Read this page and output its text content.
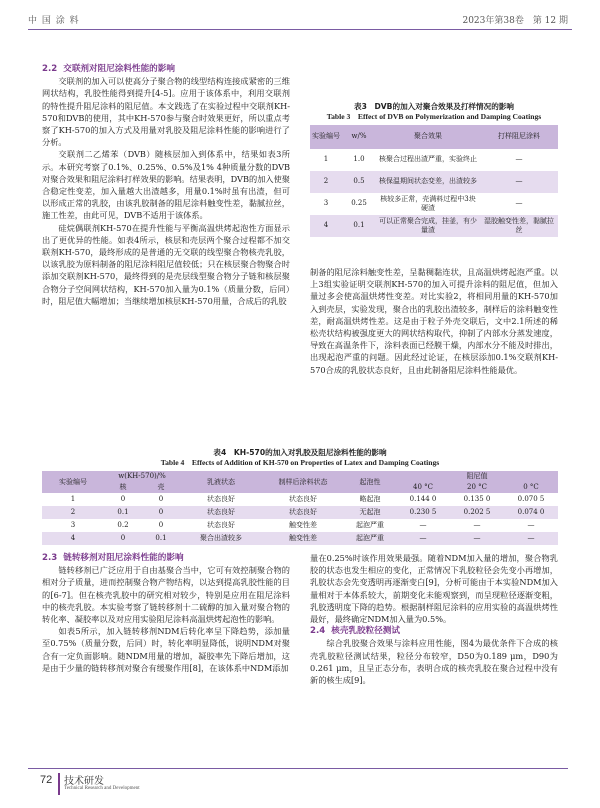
中 国 涂 料	2023年第38卷　第 12 期

2.2 交联剂对阻尼涂料性能的影响

交联剂的加入可以使高分子聚合物的线型结构连接成紧密的三维网状结构，乳胶性能得到提升[4-5]。应用于该体系中，利用交联剂的特性提升阻尼涂料的阻尼值。本文践选了在实验过程中交联剂KH-570和DVB的使用，其中KH-570参与聚合时效果更好，所以重点考察了KH-570的加入方式及用量对乳胶及阻尼涂料性能的影响进行了分析。

交联剂二乙烯苯（DVB）随核层加入到体系中，结果如表3所示。本研究考察了0.1%、0.25%、0.5%及1% 4种质量分数的DVB对聚合效果和阻尼涂料打样效果的影响。结果表明，DVB的加入使聚合稳定性变差，加入量越大出渣越多，用量0.1%时虽有出渣，但可以形成正常的乳胶，由该乳胶制备的阻尼涂料触变性差，黏腻拉丝，施工性差，由此可见，DVB不适用于该体系。

硅烷偶联剂KH-570在提升性能与平衡高温烘烤起泡性方面显示出了更优异的性能。如表4所示，核层和壳层两个聚合过程都不加交联剂KH-570，最终形成的是普通的无交联的线型聚合物核壳乳胶，以该乳胶为原料制备的阻尼涂料阻尼值较低；只在核层聚合物聚合时添加交联剂KH-570，最终得到的是壳层线型聚合物分子链和核层聚合物分子空间网状结构，KH-570加入量为0.1%（质量分数，后同）时，阻尼值大幅增加；当继续增加核层KH-570用量，合成后的乳胶

表3　DVB的加入对聚合效果及打样情况的影响
Table 3　Effect of DVB on Polymerization and Damping Coatings
实验编号	w/%	聚合效果	打样阻尼涂料
1	1.0	核聚合过程出渣严重，实验终止	—
2	0.5	核保温期间状态变差，出渣较多	—
3	0.25	核较多正常，壳满料过程中3块硬渣	—
4	0.1	可以正常聚合完成，挂釜，有少量渣	湿胶触变性差，黏腻拉丝

制备的阻尼涂料触变性差，呈黏稠黏连状，且高温烘烤起泡严重。以上3组实验证明交联剂KH-570的加入可提升涂料的阻尼值，但加入量过多会使高温烘烤性变差。对比实验2，将相同用量的KH-570加入到壳层，实验发现，聚合出的乳胶出渣较多，制样后的涂料触变性差，耐高温烘烤性差。这是由于粒子外壳交联后，文中2.1所述的稀松壳状结构被强度更大的网状结构取代，抑制了内部水分蒸发速度，导致在高温条件下，涂料表面已经膜干燥，内部水分不能及时排出，出现起泡严重的问题。因此经过论证，在核层添加0.1%交联剂KH-570合成的乳胶状态良好，且由此制备阻尼涂料性能最优。

表4　KH-570的加入对乳胶及阻尼涂料性能的影响
Table 4　Effects of Addition of KH-570 on Properties of Latex and Damping Coatings
实验编号	w(KH-570)/%		乳液状态	制样后涂料状态	起泡性	阻尼值		
	核	壳				40 °C	20 °C	0 °C
1	0	0	状态良好	状态良好	略起泡	0.144 0	0.135 0	0.070 5
2	0.1	0	状态良好	状态良好	无起泡	0.230 5	0.202 5	0.074 0
3	0.2	0	状态良好	触变性差	起泡严重	—	—	—
4	0	0.1	聚合出渣较多	触变性差	起泡严重	—	—	—

2.3 链转移剂对阻尼涂料性能的影响

链转移剂已广泛应用于自由基聚合当中，它可有效控制聚合物的相对分子质量，进而控制聚合物产物结构，以达到提高乳胶性能的目的[6-7]。但在核壳乳胶中的研究相对较少，特别是应用在阻尼涂料中的核壳乳胶。本实验考察了链转移剂十二硫醇的加入量对聚合物的转化率、凝胶率以及对应用实验阻尼涂料高温烘烤起泡性的影响。

如表5所示，加入链转移剂NDM后转化率呈下降趋势，添加量至0.75%（质量分数，后同）时，转化率明显降低，说明NDM对聚合有一定负面影响。随NDM用量的增加，凝胶率先下降后增加，这是由于少量的链转移剂对聚合有缓聚作用[8]，在该体系中NDM添加

量在0.25%时该作用效果最强。随着NDM加入量的增加，聚合物乳胶的状态也发生相应的变化，正常情况下乳胶粒径会先变小再增加，乳胶状态会先变透明再逐渐变白[9]，分析可能由于本实验NDM加入量相对于本体系较大，前期变化未能观察到，而呈现粒径逐渐变粗，乳胶透明度下降的趋势。根据制样阻尼涂料的应用实验的高温烘烤性最好，最终确定NDM加入量为0.5%。

2.4 核壳乳胶粒径测试

综合乳胶聚合效果与涂料应用性能，图4为最优条件下合成的核壳乳胶粒径测试结果，粒径分布较窄，D50为0.189 μm，D90为0.261 μm，且呈正态分布，表明合成的核壳乳胶在聚合过程中没有新的核生成[9]。

72 技术研发
Technical Research and Development
